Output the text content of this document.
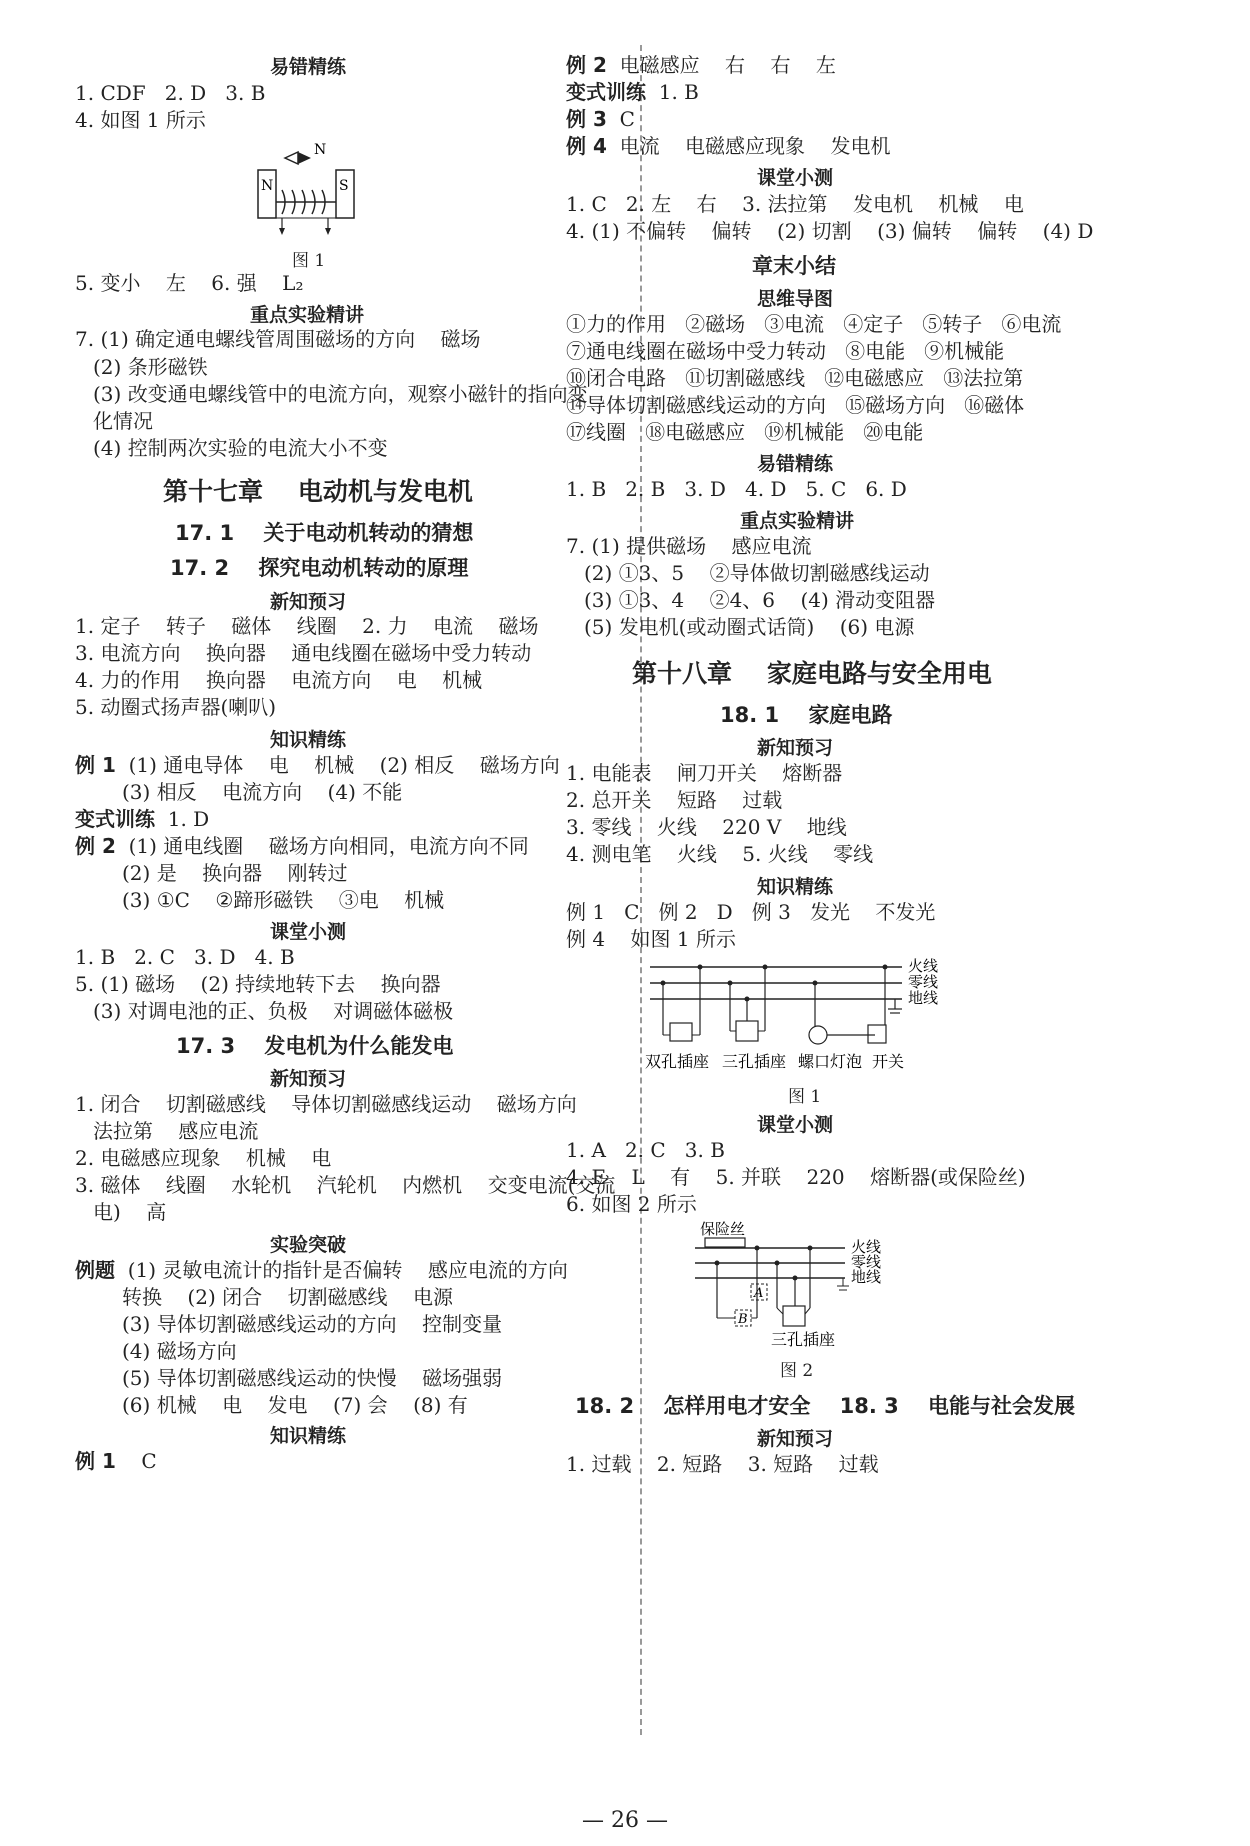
易错精练
1. CDF   2. D   3. B
4. 如图 1 所示
N
N	S
图 1
5. 变小    左    6. 强    L₂
重点实验精讲
7. (1) 确定通电螺线管周围磁场的方向    磁场
(2) 条形磁铁
(3) 改变通电螺线管中的电流方向，观察小磁针的指向变
化情况
(4) 控制两次实验的电流大小不变
第十七章    电动机与发电机
17. 1    关于电动机转动的猜想
17. 2    探究电动机转动的原理
新知预习
1. 定子    转子    磁体    线圈    2. 力    电流    磁场
3. 电流方向    换向器    通电线圈在磁场中受力转动
4. 力的作用    换向器    电流方向    电    机械
5. 动圈式扬声器(喇叭)
知识精练
例 1 (1) 通电导体    电    机械    (2) 相反    磁场方向
(3) 相反    电流方向    (4) 不能
变式训练 1. D
例 2 (1) 通电线圈    磁场方向相同，电流方向不同
(2) 是    换向器    刚转过
(3) ①C    ②蹄形磁铁    ③电    机械
课堂小测
1. B   2. C   3. D   4. B
5. (1) 磁场    (2) 持续地转下去    换向器
(3) 对调电池的正、负极    对调磁体磁极
17. 3    发电机为什么能发电
新知预习
1. 闭合    切割磁感线    导体切割磁感线运动    磁场方向
法拉第    感应电流
2. 电磁感应现象    机械    电
3. 磁体    线圈    水轮机    汽轮机    内燃机    交变电流(交流
电)    高
实验突破
例题 (1) 灵敏电流计的指针是否偏转    感应电流的方向
转换    (2) 闭合    切割磁感线    电源
(3) 导体切割磁感线运动的方向    控制变量
(4) 磁场方向
(5) 导体切割磁感线运动的快慢    磁场强弱
(6) 机械    电    发电    (7) 会    (8) 有
知识精练
例 1 C
例 2 电磁感应    右    右    左
变式训练 1. B
例 3 C
例 4 电流    电磁感应现象    发电机
课堂小测
1. C   2. 左    右    3. 法拉第    发电机    机械    电
4. (1) 不偏转    偏转    (2) 切割    (3) 偏转    偏转    (4) D
章末小结
思维导图
①力的作用   ②磁场   ③电流   ④定子   ⑤转子   ⑥电流
⑦通电线圈在磁场中受力转动   ⑧电能   ⑨机械能
⑩闭合电路   ⑪切割磁感线   ⑫电磁感应   ⑬法拉第
⑭导体切割磁感线运动的方向   ⑮磁场方向   ⑯磁体
⑰线圈   ⑱电磁感应   ⑲机械能   ⑳电能
易错精练
1. B   2. B   3. D   4. D   5. C   6. D
重点实验精讲
7. (1) 提供磁场    感应电流
(2) ①3、5    ②导体做切割磁感线运动
(3) ①3、4    ②4、6    (4) 滑动变阻器
(5) 发电机(或动圈式话筒)    (6) 电源
第十八章    家庭电路与安全用电
18. 1    家庭电路
新知预习
1. 电能表    闸刀开关    熔断器
2. 总开关    短路    过载
3. 零线    火线    220 V    地线
4. 测电笔    火线    5. 火线    零线
知识精练
例 1   C   例 2   D   例 3   发光    不发光
例 4    如图 1 所示
火线
零线
地线
双孔插座 三孔插座 螺口灯泡 开关
图 1
课堂小测
1. A   2. C   3. B
4. E    L    有    5. 并联    220    熔断器(或保险丝)
6. 如图 2 所示
保险丝
火线
零线
地线
B
A
三孔插座
图 2
18. 2    怎样用电才安全    18. 3    电能与社会发展
新知预习
1. 过载    2. 短路    3. 短路    过载
— 26 —
